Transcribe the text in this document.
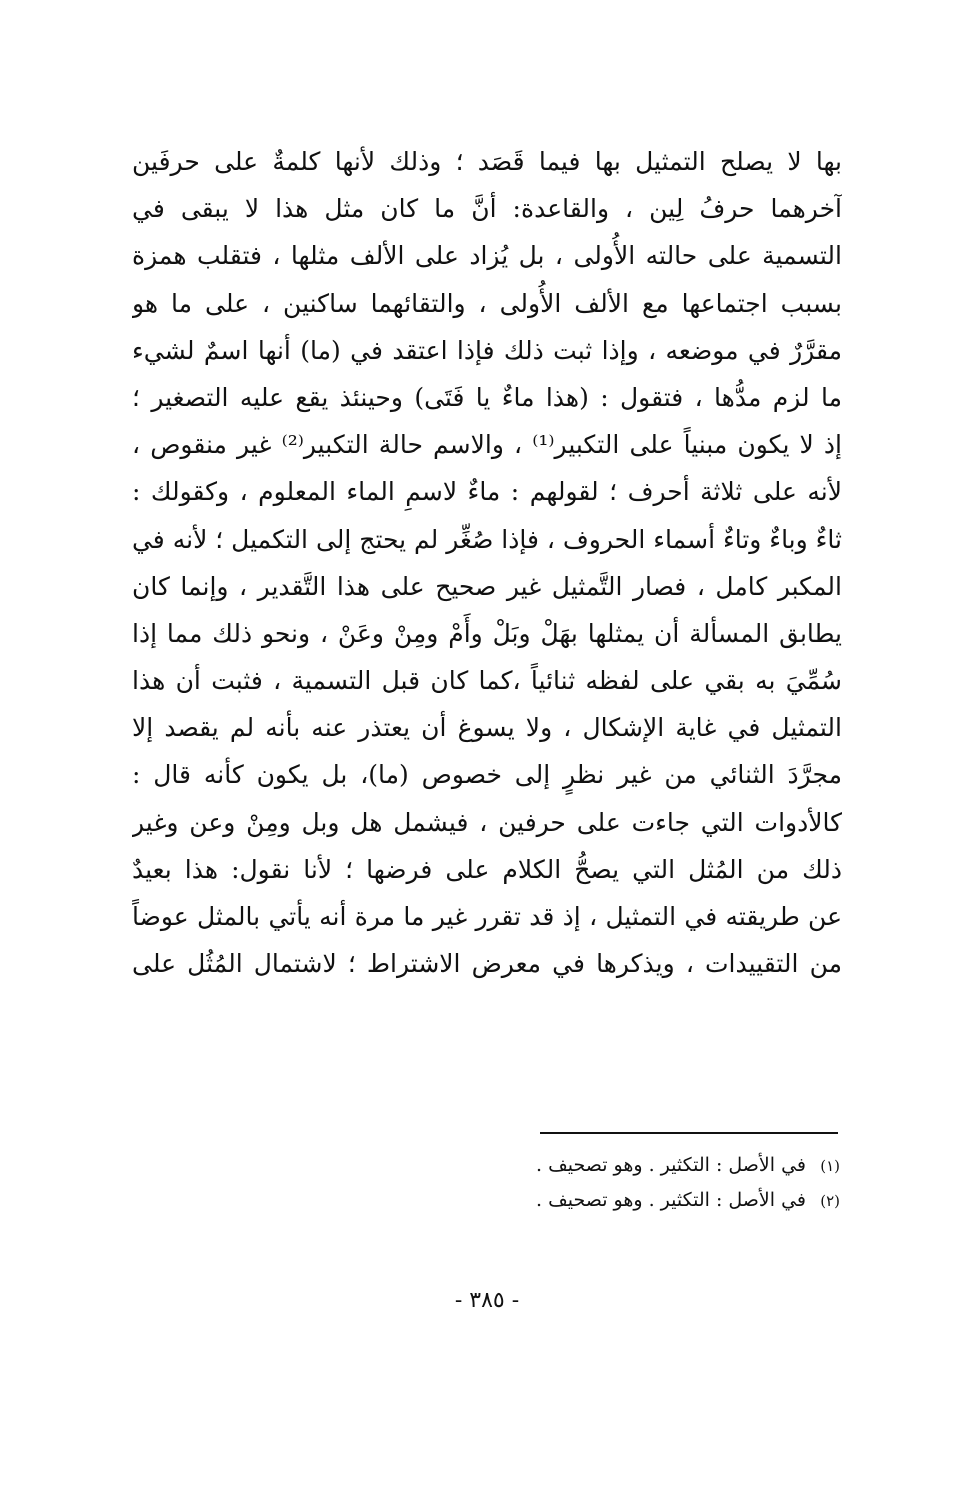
بها لا يصلح التمثيل بها فيما قَصَد ؛ وذلك لأنها كلمةٌ على حرفَين
آخرهما حرفُ لِين ، والقاعدة: أنَّ ما كان مثل هذا لا يبقى في
التسمية على حالته الأُولى ، بل يُزاد على الألف مثلها ، فتقلب همزة
بسبب اجتماعها مع الألف الأُولى ، والتقائهما ساكنين ، على ما هو
مقرَّرٌ في موضعه ، وإذا ثبت ذلك فإذا اعتقد في (ما) أنها اسمٌ لشيء
ما لزم مدُّها ، فتقول : (هذا ماءٌ يا فَتَى) وحينئذ يقع عليه التصغير ؛
إذ لا يكون مبنياً على التكبير⁽¹⁾ ، والاسم حالة التكبير⁽²⁾ غير منقوص ،
لأنه على ثلاثة أحرف ؛ لقولهم : ماءٌ لاسمِ الماء المعلوم ، وكقولك :
ثاءٌ وباءٌ وتاءٌ أسماء الحروف ، فإذا صُغِّر لم يحتج إلى التكميل ؛ لأنه في
المكبر كامل ، فصار التَّمثيل غير صحيح على هذا التَّقدير ، وإنما كان
يطابق المسألة أن يمثلها بهَلْ وبَلْ وأَمْ ومِنْ وعَنْ ، ونحو ذلك مما إذا
سُمِّيَ به بقي على لفظه ثنائياً ،كما كان قبل التسمية ، فثبت أن هذا
التمثيل في غاية الإشكال ، ولا يسوغ أن يعتذر عنه بأنه لم يقصد إلا
مجرَّدَ الثنائي من غير نظرٍ إلى خصوص (ما)، بل يكون كأنه قال :
كالأدوات التي جاءت على حرفين ، فيشمل هل وبل ومِنْ وعن وغير
ذلك من المُثل التي يصحُّ الكلام على فرضها ؛ لأنا نقول: هذا بعيدٌ
عن طريقته في التمثيل ، إذ قد تقرر غير ما مرة أنه يأتي بالمثل عوضاً
من التقييدات ، ويذكرها في معرض الاشتراط ؛ لاشتمال المُثُل على
(١)
في الأصل : التكثير . وهو تصحيف .
(٢)
في الأصل : التكثير . وهو تصحيف .
- ٣٨٥ -
